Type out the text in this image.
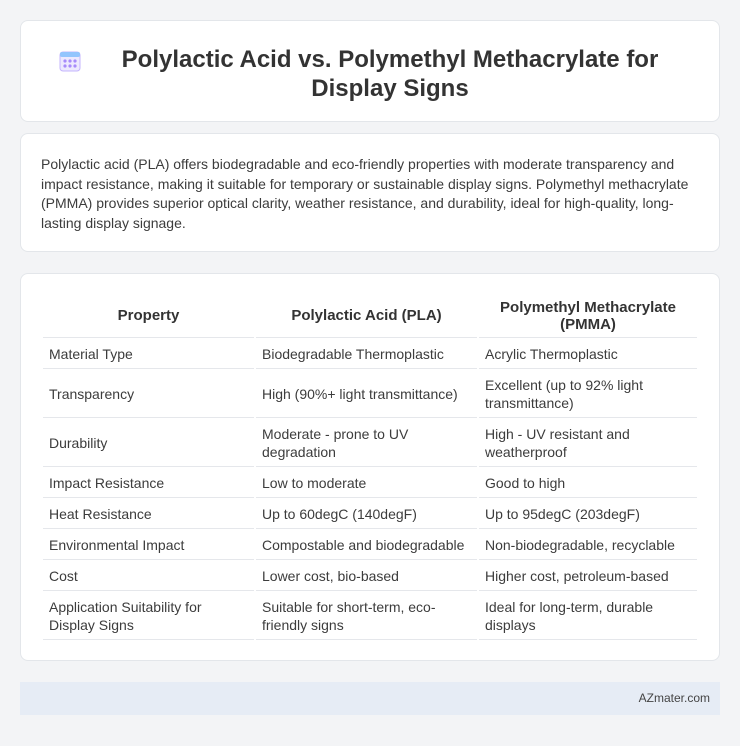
Polylactic Acid vs. Polymethyl Methacrylate for Display Signs

Polylactic acid (PLA) offers biodegradable and eco-friendly properties with moderate transparency and impact resistance, making it suitable for temporary or sustainable display signs. Polymethyl methacrylate (PMMA) provides superior optical clarity, weather resistance, and durability, ideal for high-quality, long-lasting display signage.

Property	Polylactic Acid (PLA)	Polymethyl Methacrylate (PMMA)
Material Type	Biodegradable Thermoplastic	Acrylic Thermoplastic
Transparency	High (90%+ light transmittance)	Excellent (up to 92% light transmittance)
Durability	Moderate - prone to UV degradation	High - UV resistant and weatherproof
Impact Resistance	Low to moderate	Good to high
Heat Resistance	Up to 60degC (140degF)	Up to 95degC (203degF)
Environmental Impact	Compostable and biodegradable	Non-biodegradable, recyclable
Cost	Lower cost, bio-based	Higher cost, petroleum-based
Application Suitability for Display Signs	Suitable for short-term, eco-friendly signs	Ideal for long-term, durable displays
AZmater.com
